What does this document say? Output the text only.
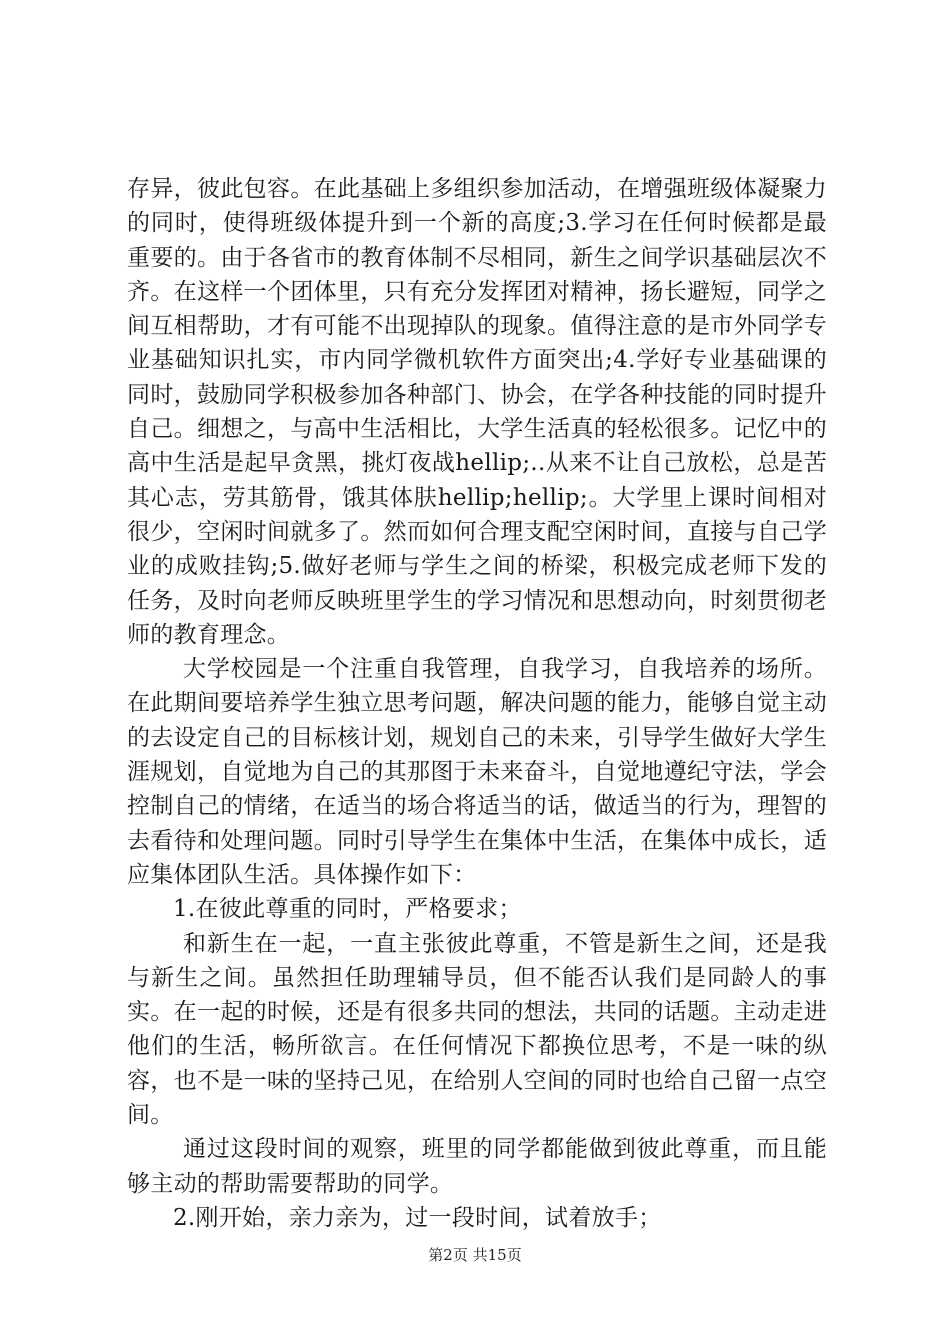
存异，彼此包容。在此基础上多组织参加活动，在增强班级体凝聚力的同时，使得班级体提升到一个新的高度;3.学习在任何时候都是最重要的。由于各省市的教育体制不尽相同，新生之间学识基础层次不齐。在这样一个团体里，只有充分发挥团对精神，扬长避短，同学之间互相帮助，才有可能不出现掉队的现象。值得注意的是市外同学专业基础知识扎实，市内同学微机软件方面突出;4.学好专业基础课的同时，鼓励同学积极参加各种部门、协会，在学各种技能的同时提升自己。细想之，与高中生活相比，大学生活真的轻松很多。记忆中的高中生活是起早贪黑，挑灯夜战hellip;..从来不让自己放松，总是苦其心志，劳其筋骨，饿其体肤hellip;hellip;。大学里上课时间相对很少，空闲时间就多了。然而如何合理支配空闲时间，直接与自己学业的成败挂钩;5.做好老师与学生之间的桥梁，积极完成老师下发的任务，及时向老师反映班里学生的学习情况和思想动向，时刻贯彻老师的教育理念。

大学校园是一个注重自我管理，自我学习，自我培养的场所。在此期间要培养学生独立思考问题，解决问题的能力，能够自觉主动的去设定自己的目标核计划，规划自己的未来，引导学生做好大学生涯规划，自觉地为自己的其那图于未来奋斗，自觉地遵纪守法，学会控制自己的情绪，在适当的场合将适当的话，做适当的行为，理智的去看待和处理问题。同时引导学生在集体中生活，在集体中成长，适应集体团队生活。具体操作如下：

1.在彼此尊重的同时，严格要求；

和新生在一起，一直主张彼此尊重，不管是新生之间，还是我与新生之间。虽然担任助理辅导员，但不能否认我们是同龄人的事实。在一起的时候，还是有很多共同的想法，共同的话题。主动走进他们的生活，畅所欲言。在任何情况下都换位思考，不是一味的纵容，也不是一味的坚持己见，在给别人空间的同时也给自己留一点空间。

通过这段时间的观察，班里的同学都能做到彼此尊重，而且能够主动的帮助需要帮助的同学。

2.刚开始，亲力亲为，过一段时间，试着放手；

第2页 共15页
